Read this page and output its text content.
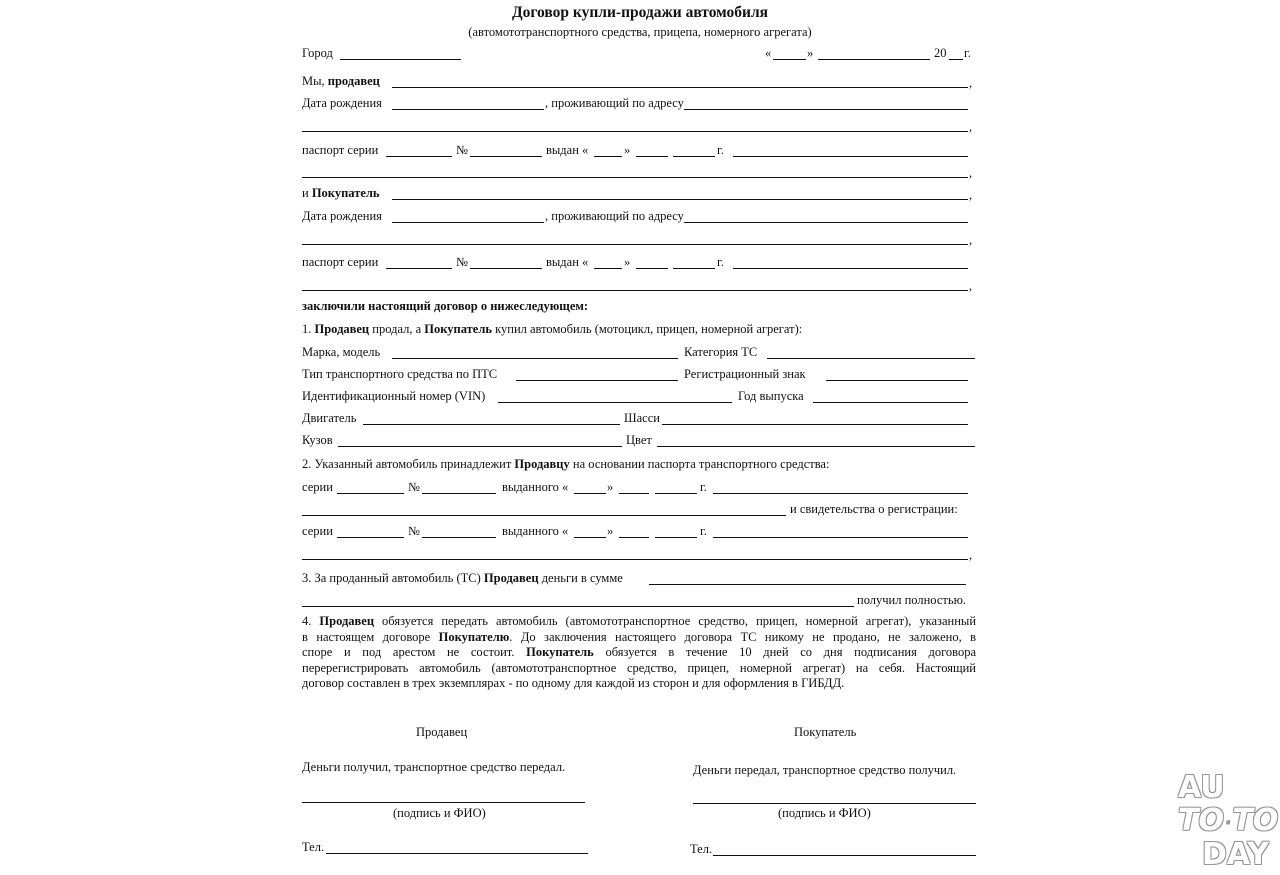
Договор купли-продажи автомобиля
(автомототранспортного средства, прицепа, номерного агрегата)
Город	«	»	20 г.
Мы, продавец	,
Дата рождения	, проживающий по адресу
,
паспорт серии	№	выдан «	»	г.
,
и Покупатель	,
Дата рождения	, проживающий по адресу
,
паспорт серии	№	выдан «	»	г.
,
заключили настоящий договор о нижеследующем:
1. Продавец продал, а Покупатель купил автомобиль (мотоцикл, прицеп, номерной агрегат):
Марка, модель	Категория ТС
Тип транспортного средства по ПТС	Регистрационный знак
Идентификационный номер (VIN)	Год выпуска
Двигатель	Шасси
Кузов	Цвет
2. Указанный автомобиль принадлежит Продавцу на основании паспорта транспортного средства:
серии	№	выданного «	»	г.
и свидетельства о регистрации:
серии	№	выданного «	»	г.
,
3. За проданный автомобиль (ТС) Продавец деньги в сумме
получил полностью.

4. Продавец обязуется передать автомобиль (автомототранспортное средство, прицеп, номерной агрегат), указанный

в настоящем договоре Покупателю. До заключения настоящего договора ТС никому не продано, не заложено, в

споре и под арестом не состоит. Покупатель обязуется в течение 10 дней со дня подписания договора

перерегистрировать автомобиль (автомототранспортное средство, прицеп, номерной агрегат) на себя. Настоящий

договор составлен в трех экземплярах - по одному для каждой из сторон и для оформления в ГИБДД.

Продавец
Деньги получил, транспортное средство передал.
(подпись и ФИО)
Тел.
Покупатель
Деньги передал, транспортное средство получил.
(подпись и ФИО)
Тел.
AU
TO·TO
DAY
